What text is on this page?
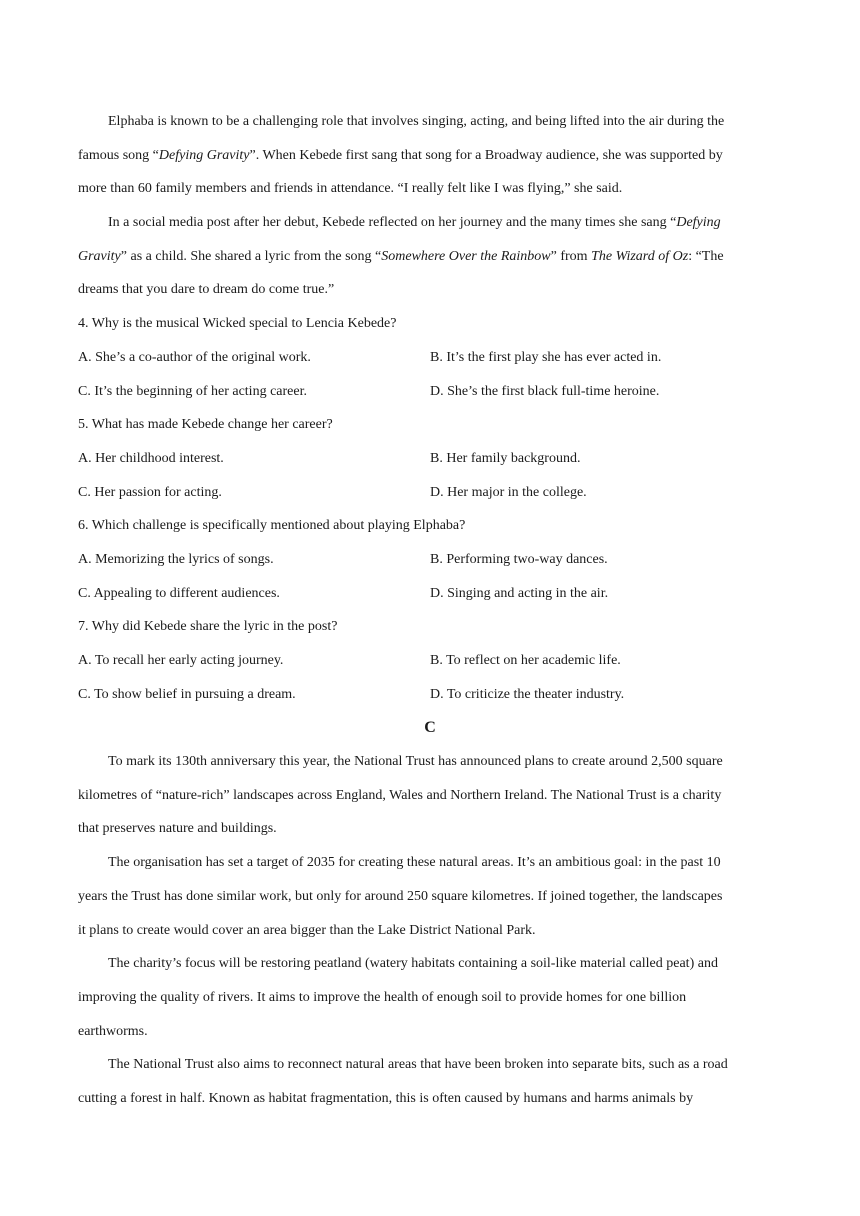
Elphaba is known to be a challenging role that involves singing, acting, and being lifted into the air during the
famous song “Defying Gravity”. When Kebede first sang that song for a Broadway audience, she was supported by
more than 60 family members and friends in attendance. “I really felt like I was flying,” she said.
In a social media post after her debut, Kebede reflected on her journey and the many times she sang “Defying
Gravity” as a child. She shared a lyric from the song “Somewhere Over the Rainbow” from The Wizard of Oz: “The
dreams that you dare to dream do come true.”
4. Why is the musical Wicked special to Lencia Kebede?
A. She’s a co-author of the original work.	B. It’s the first play she has ever acted in.
C. It’s the beginning of her acting career.	D. She’s the first black full-time heroine.
5. What has made Kebede change her career?
A. Her childhood interest.	B. Her family background.
C. Her passion for acting.	D. Her major in the college.
6. Which challenge is specifically mentioned about playing Elphaba?
A. Memorizing the lyrics of songs.	B. Performing two-way dances.
C. Appealing to different audiences.	D. Singing and acting in the air.
7. Why did Kebede share the lyric in the post?
A. To recall her early acting journey.	B. To reflect on her academic life.
C. To show belief in pursuing a dream.	D. To criticize the theater industry.
C
To mark its 130th anniversary this year, the National Trust has announced plans to create around 2,500 square
kilometres of “nature-rich” landscapes across England, Wales and Northern Ireland. The National Trust is a charity
that preserves nature and buildings.
The organisation has set a target of 2035 for creating these natural areas. It’s an ambitious goal: in the past 10
years the Trust has done similar work, but only for around 250 square kilometres. If joined together, the landscapes
it plans to create would cover an area bigger than the Lake District National Park.
The charity’s focus will be restoring peatland (watery habitats containing a soil-like material called peat) and
improving the quality of rivers. It aims to improve the health of enough soil to provide homes for one billion
earthworms.
The National Trust also aims to reconnect natural areas that have been broken into separate bits, such as a road
cutting a forest in half. Known as habitat fragmentation, this is often caused by humans and harms animals by
